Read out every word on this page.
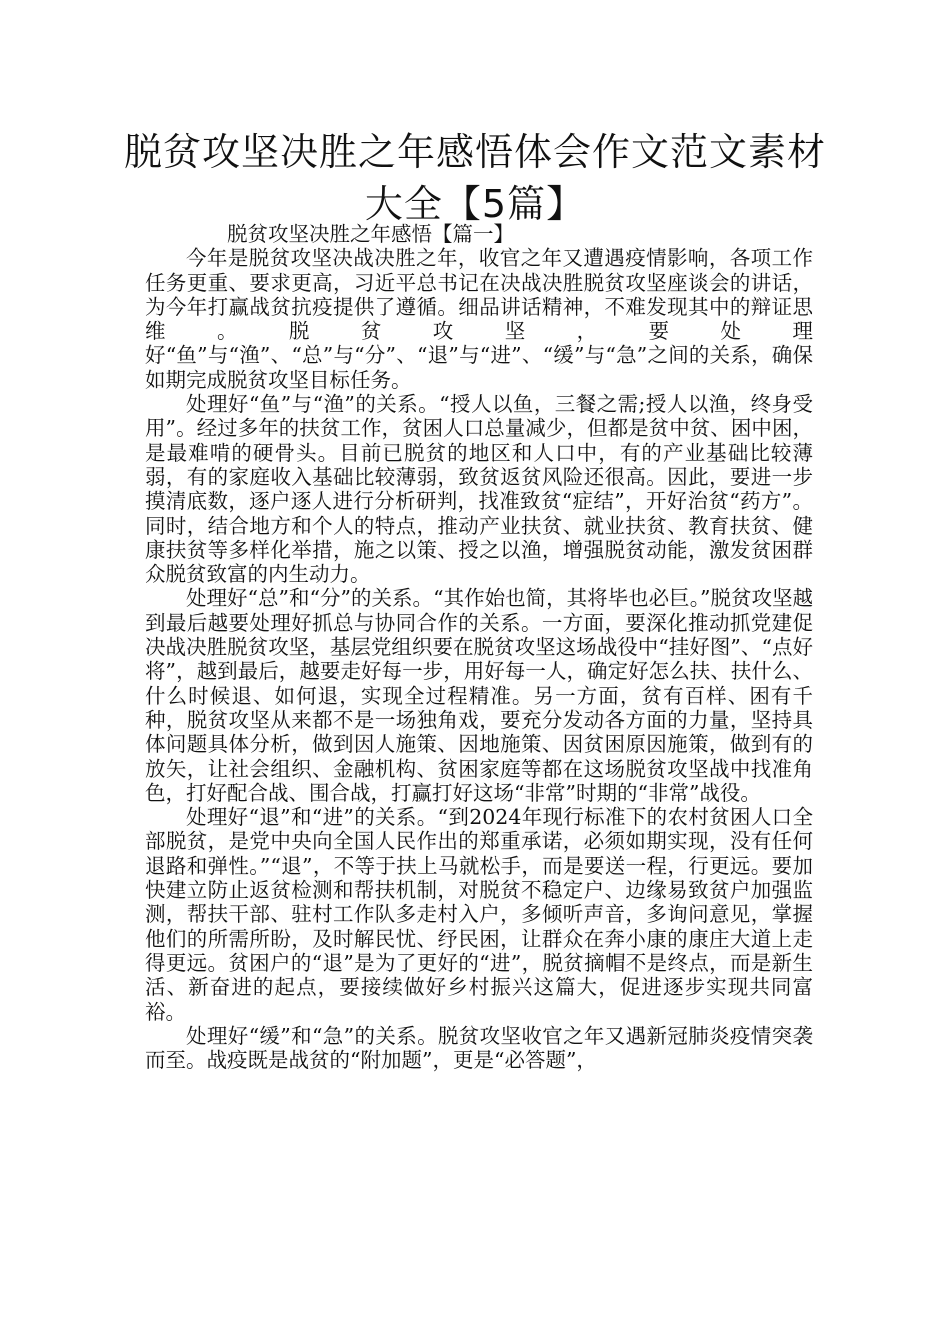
脱贫攻坚决胜之年感悟体会作文范文素材大全【5篇】

脱贫攻坚决胜之年感悟【篇一】

今年是脱贫攻坚决战决胜之年，收官之年又遭遇疫情影响，各项工作任务更重、要求更高，习近平总书记在决战决胜脱贫攻坚座谈会的讲话，为今年打赢战贫抗疫提供了遵循。细品讲话精神，不难发现其中的辩证思维。脱贫攻坚，要处理好“鱼”与“渔”、“总”与“分”、“退”与“进”、“缓”与“急”之间的关系，确保如期完成脱贫攻坚目标任务。

处理好“鱼”与“渔”的关系。“授人以鱼，三餐之需;授人以渔，终身受用”。经过多年的扶贫工作，贫困人口总量减少，但都是贫中贫、困中困，是最难啃的硬骨头。目前已脱贫的地区和人口中，有的产业基础比较薄弱，有的家庭收入基础比较薄弱，致贫返贫风险还很高。因此，要进一步摸清底数，逐户逐人进行分析研判，找准致贫“症结”，开好治贫“药方”。同时，结合地方和个人的特点，推动产业扶贫、就业扶贫、教育扶贫、健康扶贫等多样化举措，施之以策、授之以渔，增强脱贫动能，激发贫困群众脱贫致富的内生动力。

处理好“总”和“分”的关系。“其作始也简，其将毕也必巨。”脱贫攻坚越到最后越要处理好抓总与协同合作的关系。一方面，要深化推动抓党建促决战决胜脱贫攻坚，基层党组织要在脱贫攻坚这场战役中“挂好图”、“点好将”，越到最后，越要走好每一步，用好每一人，确定好怎么扶、扶什么、什么时候退、如何退，实现全过程精准。另一方面，贫有百样、困有千种，脱贫攻坚从来都不是一场独角戏，要充分发动各方面的力量，坚持具体问题具体分析，做到因人施策、因地施策、因贫困原因施策，做到有的放矢，让社会组织、金融机构、贫困家庭等都在这场脱贫攻坚战中找准角色，打好配合战、围合战，打赢打好这场“非常”时期的“非常”战役。

处理好“退”和“进”的关系。“到2024年现行标准下的农村贫困人口全部脱贫，是党中央向全国人民作出的郑重承诺，必须如期实现，没有任何退路和弹性。”“退”，不等于扶上马就松手，而是要送一程，行更远。要加快建立防止返贫检测和帮扶机制，对脱贫不稳定户、边缘易致贫户加强监测，帮扶干部、驻村工作队多走村入户，多倾听声音，多询问意见，掌握他们的所需所盼，及时解民忧、纾民困，让群众在奔小康的康庄大道上走得更远。贫困户的“退”是为了更好的“进”，脱贫摘帽不是终点，而是新生活、新奋进的起点，要接续做好乡村振兴这篇大，促进逐步实现共同富裕。

处理好“缓”和“急”的关系。脱贫攻坚收官之年又遇新冠肺炎疫情突袭而至。战疫既是战贫的“附加题”，更是“必答题”，
